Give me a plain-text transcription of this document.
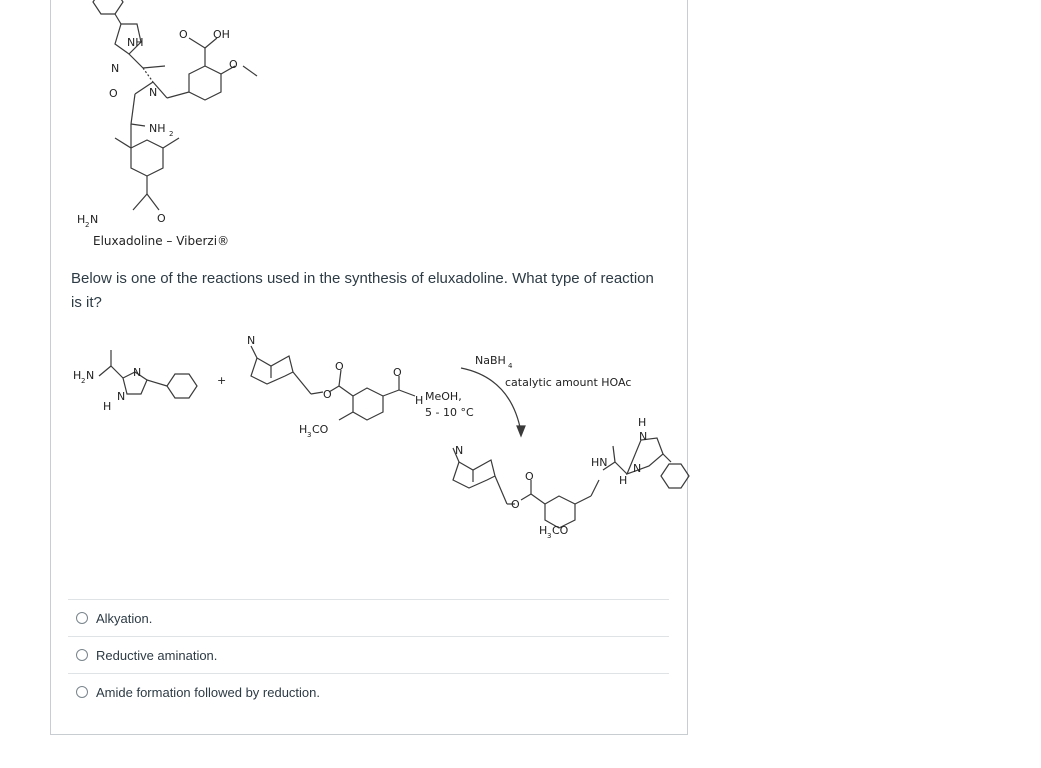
NH
N
O	N
NH 2
O OH
O
H 2 N	O
Eluxadoline – Viberzi®
Below is one of the reactions used in the synthesis of eluxadoline. What type of reaction is it?
H 2 N	N
N
H
+
N
O
O	O
H
H 3 CO
NaBH 4
catalytic amount HOAc
MeOH,
5 - 10 °C
N
O
O
H 3 CO
HN
H
H
N
N
Alkyation.
Reductive amination.
Amide formation followed by reduction.
